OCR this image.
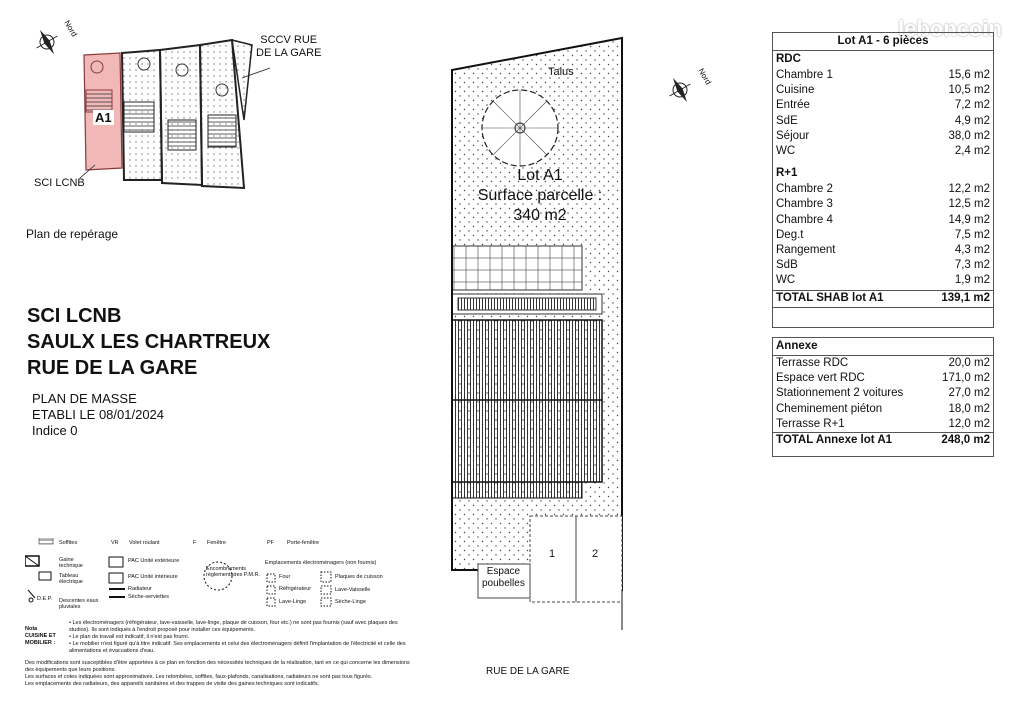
leboncoin
Nord
A1
SCCV RUE
DE LA GARE
SCI LCNB
Plan de repérage
SCI LCNB
SAULX LES CHARTREUX
RUE DE LA GARE
PLAN DE MASSE
ETABLI LE 08/01/2024
Indice 0
Soffites
Gaine technique
Tableau électrique
D.E.P. Descentes eaux pluviales
VR Volet roulant
PAC Unité extérieure
PAC Unité intérieure
Radiateur
Sèche-serviettes
F Fenêtre
Encombrements réglementaires P.M.R.
PF Porte-fenêtre
Emplacements électroménagers (non fournis)
Four
Réfrigérateur
Lave-Linge
Plaques de cuisson
Lave-Vaisselle
Sèche-Linge
Nota CUISINE ET MOBILIER :
• Les électroménagers (réfrigérateur, lave-vaisselle, lave-linge, plaque de cuisson, four etc.) ne sont pas fournis (sauf avec plaques des studios). Ils sont indiqués à l'endroit proposé pour installer ces équipements.
• Le plan de travail est indicatif, il n'est pas fourni.
• Le mobilier n'est figuré qu'à titre indicatif. Ses emplacements et celui des électroménagers définit l'implantation de l'électricité et celle des alimentations et évacuations d'eau.
Des modifications sont susceptibles d'être apportées à ce plan en fonction des nécessités techniques de la réalisation, tant en ce qui concerne les dimensions des équipements que leurs positions.
Les surfaces et cotes indiquées sont approximatives. Les retombées, soffites, faux-plafonds, canalisations, radiateurs ne sont pas tous figurés.
Les emplacements des radiateurs, des appareils sanitaires et des trappes de visite des gaines techniques sont indicatifs.
Talus
Lot A1
Surface parcelle :
340 m2
1	2
Espace
poubelles
RUE DE LA GARE
Nord
Lot A1 - 6 pièces
RDC
Chambre 1	15,6 m2
Cuisine	10,5 m2
Entrée	7,2 m2
SdE	4,9 m2
Séjour	38,0 m2
WC	2,4 m2
R+1
Chambre 2	12,2 m2
Chambre 3	12,5 m2
Chambre 4	14,9 m2
Deg.t	7,5 m2
Rangement	4,3 m2
SdB	7,3 m2
WC	1,9 m2
TOTAL SHAB lot A1	139,1 m2
Annexe
Terrasse RDC	20,0 m2
Espace vert RDC	171,0 m2
Stationnement 2 voitures	27,0 m2
Cheminement piéton	18,0 m2
Terrasse R+1	12,0 m2
TOTAL Annexe lot A1	248,0 m2
